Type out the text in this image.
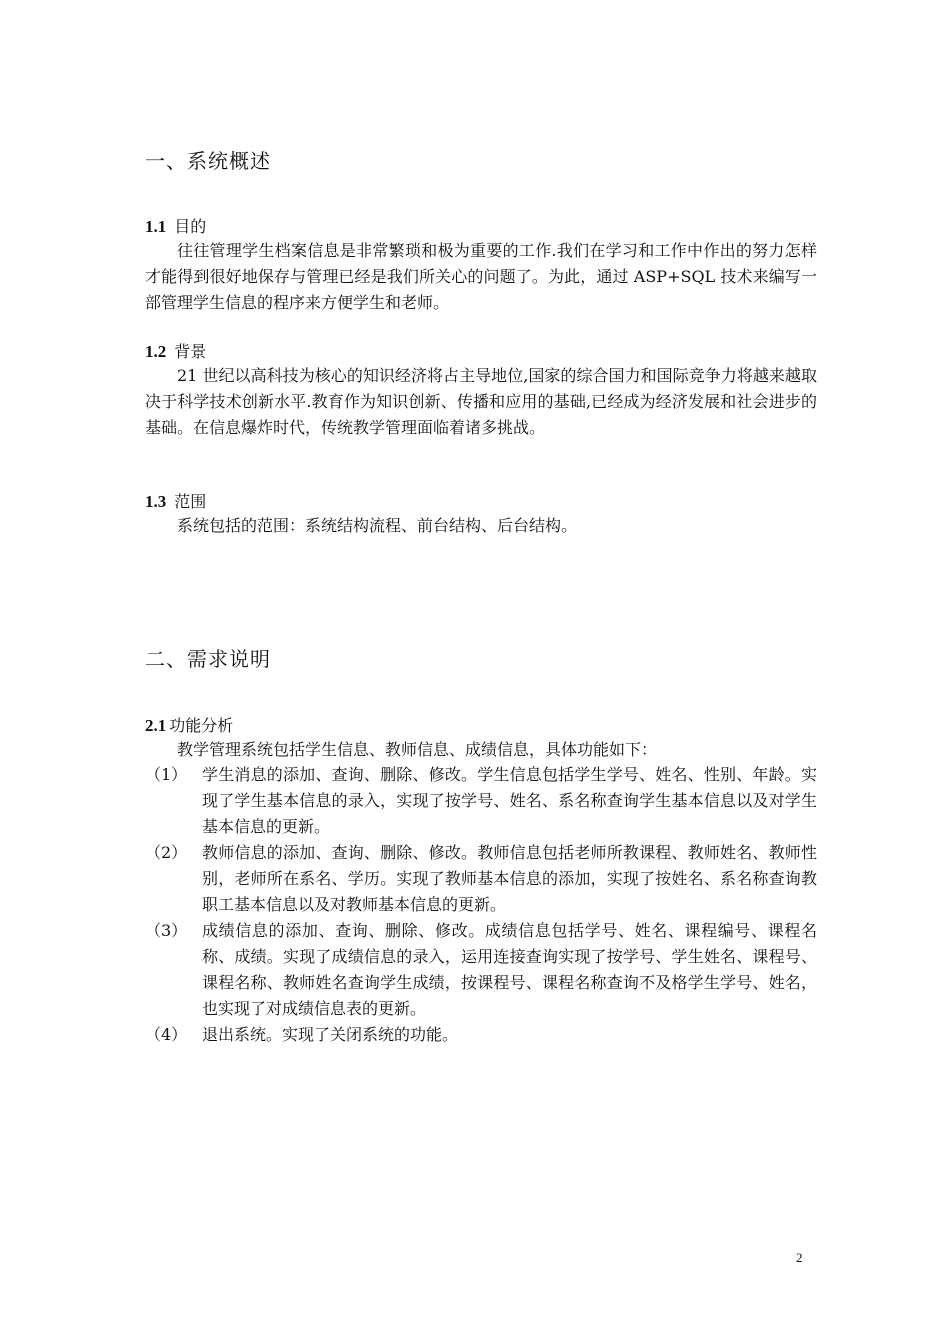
一、系统概述
1.1 目的
往往管理学生档案信息是非常繁琐和极为重要的工作.我们在学习和工作中作出的努力怎样才能得到很好地保存与管理已经是我们所关心的问题了。为此，通过 ASP+SQL 技术来编写一部管理学生信息的程序来方便学生和老师。
1.2 背景
21 世纪以高科技为核心的知识经济将占主导地位,国家的综合国力和国际竞争力将越来越取决于科学技术创新水平.教育作为知识创新、传播和应用的基础,已经成为经济发展和社会进步的基础。在信息爆炸时代，传统教学管理面临着诸多挑战。
1.3 范围
系统包括的范围：系统结构流程、前台结构、后台结构。
二、需求说明
2.1 功能分析
教学管理系统包括学生信息、教师信息、成绩信息，具体功能如下：
（1） 学生消息的添加、查询、删除、修改。学生信息包括学生学号、姓名、性别、年龄。实现了学生基本信息的录入，实现了按学号、姓名、系名称查询学生基本信息以及对学生基本信息的更新。
（2） 教师信息的添加、查询、删除、修改。教师信息包括老师所教课程、教师姓名、教师性别，老师所在系名、学历。实现了教师基本信息的添加，实现了按姓名、系名称查询教职工基本信息以及对教师基本信息的更新。
（3） 成绩信息的添加、查询、删除、修改。成绩信息包括学号、姓名、课程编号、课程名称、成绩。实现了成绩信息的录入，运用连接查询实现了按学号、学生姓名、课程号、课程名称、教师姓名查询学生成绩，按课程号、课程名称查询不及格学生学号、姓名，也实现了对成绩信息表的更新。
（4） 退出系统。实现了关闭系统的功能。
2
